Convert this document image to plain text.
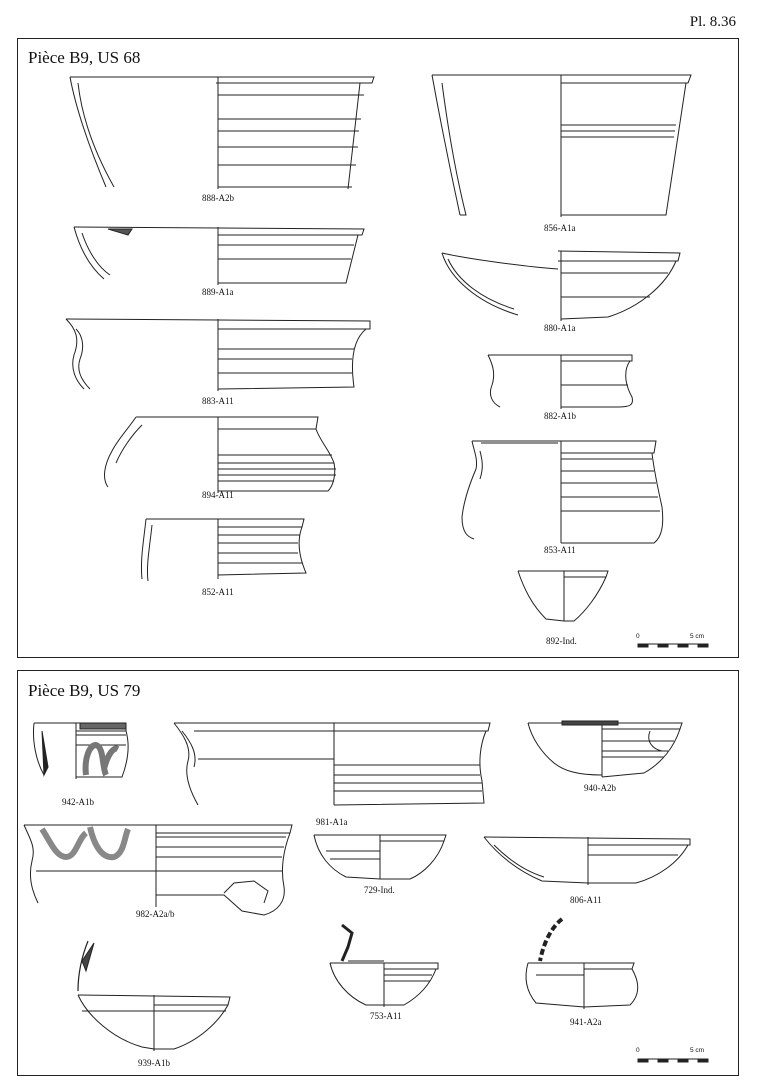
Pl. 8.36
Pièce B9, US 68
888-A2b
856-A1a
889-A1a
880-A1a
883-A11
882-A1b
894-A11
853-A11
852-A11
892-Ind.	0	5 cm
Pièce B9, US 79
942-A1b
981-A1a
940-A2b
982-A2a/b
729-Ind.
806-A11
753-A11
941-A2a
939-A1b
0	5 cm
